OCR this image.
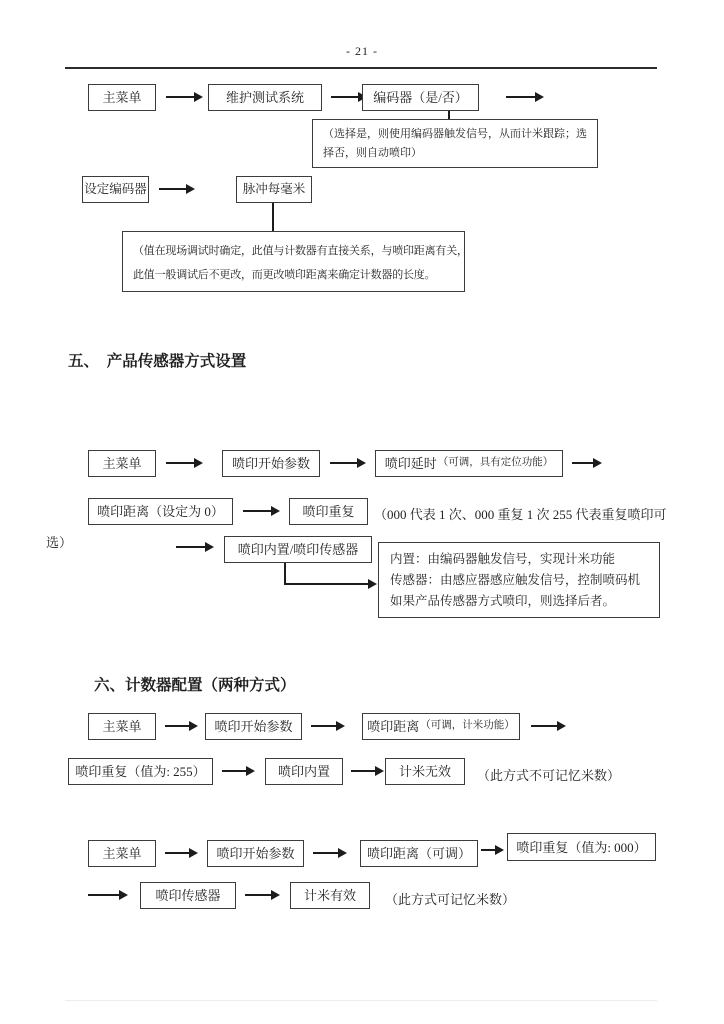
- 21 -
主菜单	维护测试系统	编码器（是/否）
（选择是，则使用编码器触发信号，从而计米跟踪；选
择否，则自动喷印）
设定编码器	脉冲每毫米
（值在现场调试时确定，此值与计数器有直接关系，与喷印距离有关，
此值一般调试后不更改，而更改喷印距离来确定计数器的长度。
五、　产品传感器方式设置
主菜单	喷印开始参数	喷印延时 （可调，具有定位功能）
喷印距离（设定为 0）	喷印重复	（000 代表 1 次、000 重复 1 次 255 代表重复喷印可
选）	喷印内置/喷印传感器
内置：由编码器触发信号，实现计米功能
传感器：由感应器感应触发信号，控制喷码机
如果产品传感器方式喷印，则选择后者。
六、计数器配置（两种方式）
主菜单	喷印开始参数	喷印距离 （可调，计米功能）
喷印重复（值为: 255）	喷印内置	计米无效	（此方式不可记忆米数）
主菜单	喷印开始参数	喷印距离（可调）	喷印重复（值为: 000）
喷印传感器	计米有效	（此方式可记忆米数）
